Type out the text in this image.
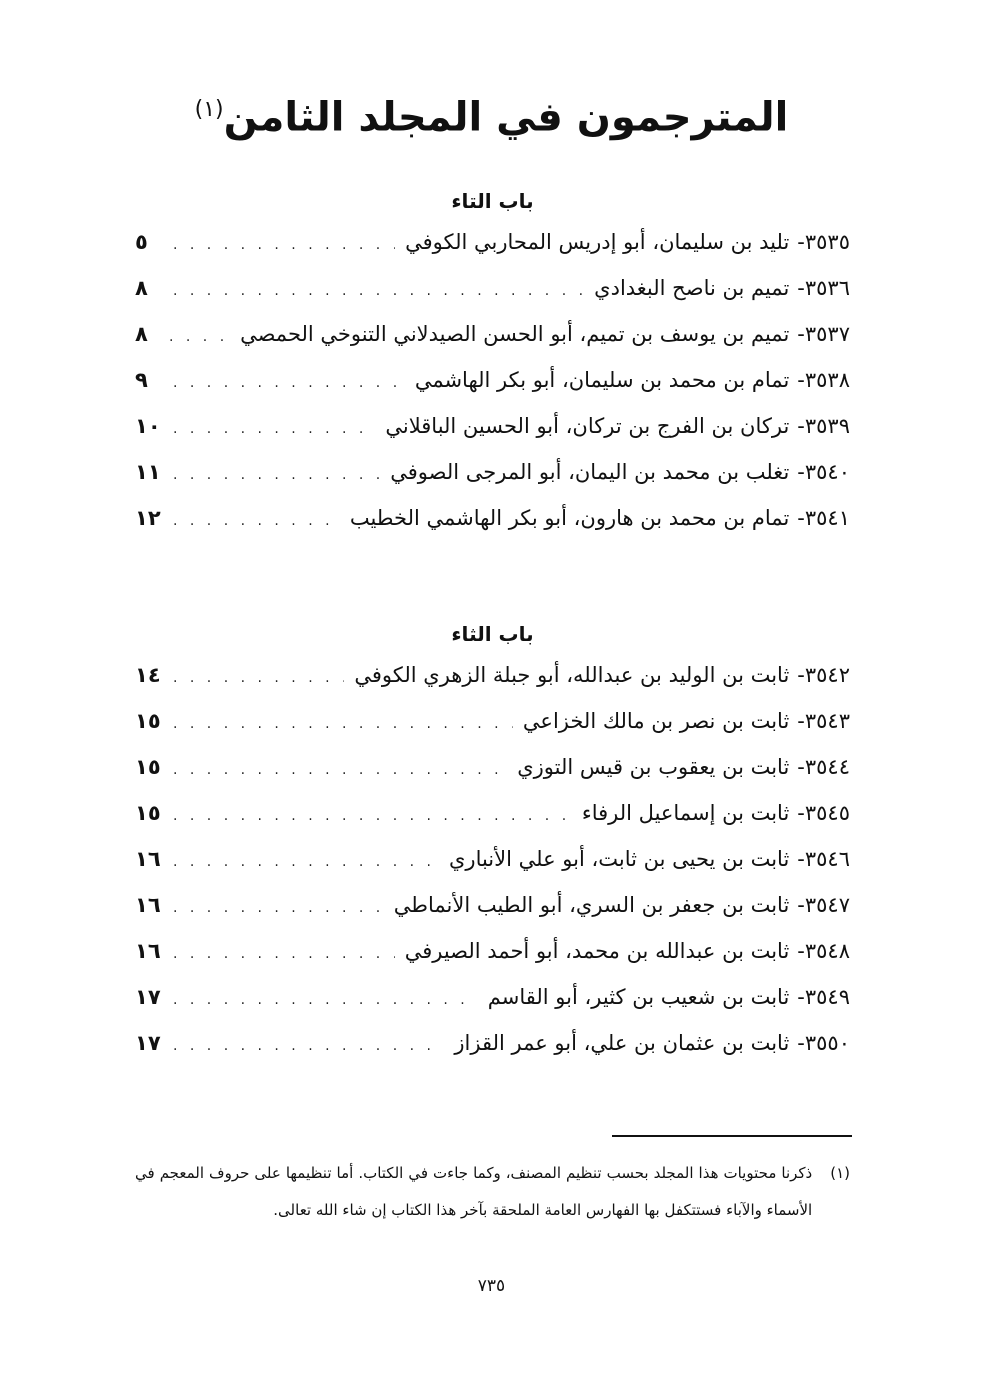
المترجمون في المجلد الثامن$^{(١)}$
باب التاء
٣٥٣٥
-
تليد بن سليمان، أبو إدريس المحاربي الكوفي
. . .
٥
٣٥٣٦
-
تميم بن ناصح البغدادي
. . .
٨
٣٥٣٧
-
تميم بن يوسف بن تميم، أبو الحسن الصيدلاني التنوخي الحمصي
. . .
٨
٣٥٣٨
-
تمام بن محمد بن سليمان، أبو بكر الهاشمي
. . .
٩
٣٥٣٩
-
تركان بن الفرج بن تركان، أبو الحسين الباقلاني
. . .
١٠
٣٥٤٠
-
تغلب بن محمد بن اليمان، أبو المرجى الصوفي
. . .
١١
٣٥٤١
-
تمام بن محمد بن هارون، أبو بكر الهاشمي الخطيب
. . .
١٢
باب الثاء
٣٥٤٢
-
ثابت بن الوليد بن عبدالله، أبو جبلة الزهري الكوفي
. . .
١٤
٣٥٤٣
-
ثابت بن نصر بن مالك الخزاعي
. . .
١٥
٣٥٤٤
-
ثابت بن يعقوب بن قيس التوزي
. . .
١٥
٣٥٤٥
-
ثابت بن إسماعيل الرفاء
. . .
١٥
٣٥٤٦
-
ثابت بن يحيى بن ثابت، أبو علي الأنباري
. . .
١٦
٣٥٤٧
-
ثابت بن جعفر بن السري، أبو الطيب الأنماطي
. . .
١٦
٣٥٤٨
-
ثابت بن عبدالله بن محمد، أبو أحمد الصيرفي
. . .
١٦
٣٥٤٩
-
ثابت بن شعيب بن كثير، أبو القاسم
. . .
١٧
٣٥٥٠
-
ثابت بن عثمان بن علي، أبو عمر القزاز
. . .
١٧
(١)
ذكرنا محتويات هذا المجلد بحسب تنظيم المصنف، وكما جاءت في الكتاب. أما تنظيمها على حروف المعجم في الأسماء والآباء فستتكفل بها الفهارس العامة الملحقة بآخر هذا الكتاب إن شاء الله تعالى.
٧٣٥
